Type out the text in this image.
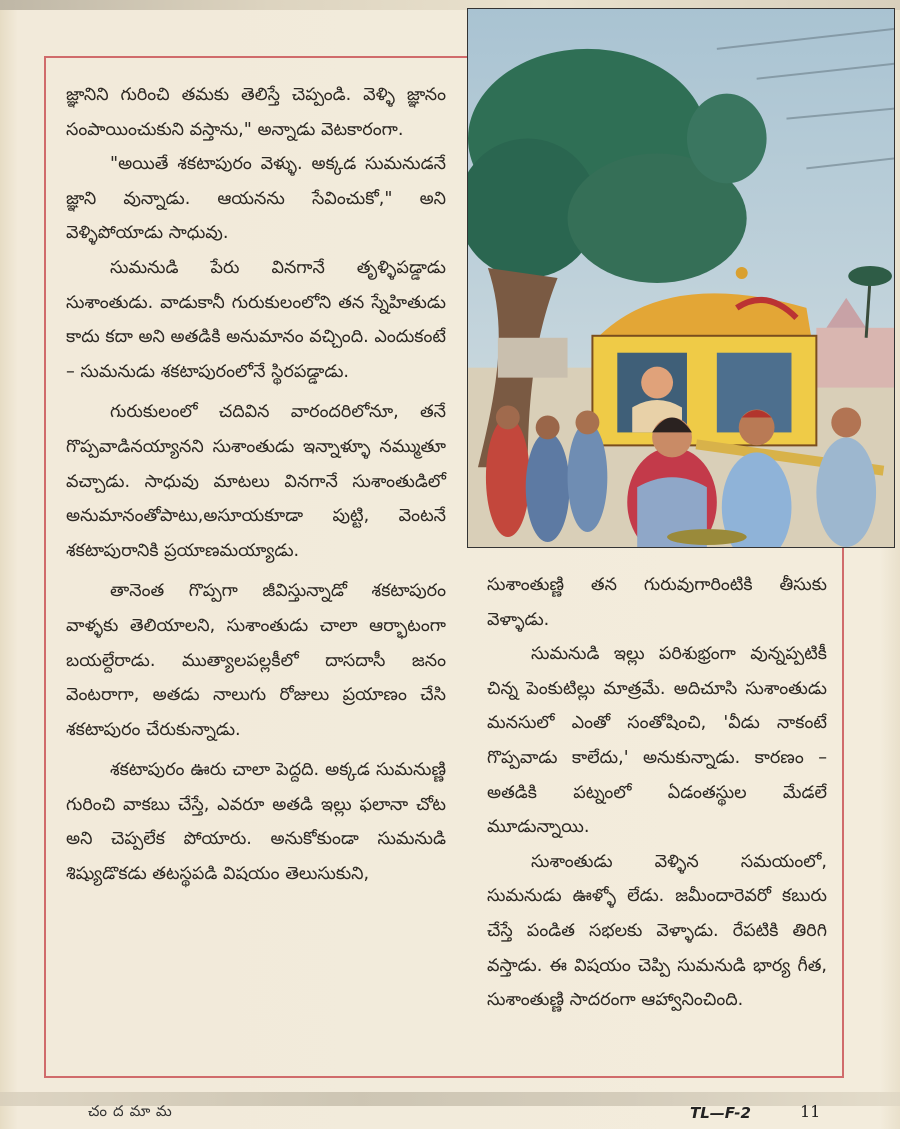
జ్ఞానిని గురించి తమకు తెలిస్తే చెప్పండి. వెళ్ళి జ్ఞానం సంపాయించుకుని వస్తాను," అన్నాడు వెటకారంగా.

"అయితే శకటాపురం వెళ్ళు. అక్కడ సుమనుడనే జ్ఞాని వున్నాడు. ఆయనను సేవించుకో," అని వెళ్ళిపోయాడు సాధువు.

సుమనుడి పేరు వినగానే తృళ్ళిపడ్డాడు సుశాంతుడు. వాడుకానీ గురుకులంలోని తన స్నేహితుడు కాదు కదా అని అతడికి అనుమానం వచ్చింది. ఎందుకంటే – సుమనుడు శకటాపురంలోనే స్థిరపడ్డాడు.

గురుకులంలో చదివిన వారందరిలోనూ, తనే గొప్పవాడినయ్యానని సుశాంతుడు ఇన్నాళ్ళూ నమ్ముతూ వచ్చాడు. సాధువు మాటలు వినగానే సుశాంతుడిలో అనుమానంతోపాటు,అసూయకూడా పుట్టి, వెంటనే శకటాపురానికి ప్రయాణమయ్యాడు.

తానెంత గొప్పగా జీవిస్తున్నాడో శకటాపురం వాళ్ళకు తెలియాలని, సుశాంతుడు చాలా ఆర్భాటంగా బయల్దేరాడు. ముత్యాలపల్లకీలో దాసదాసీ జనం వెంటరాగా, అతడు నాలుగు రోజులు ప్రయాణం చేసి శకటాపురం చేరుకున్నాడు.

శకటాపురం ఊరు చాలా పెద్దది. అక్కడ సుమనుణ్ణి గురించి వాకబు చేస్తే, ఎవరూ అతడి ఇల్లు ఫలానా చోట అని చెప్పలేక పోయారు. అనుకోకుండా సుమనుడి శిష్యుడొకడు తటస్థపడి విషయం తెలుసుకుని,

సుశాంతుణ్ణి తన గురువుగారింటికి తీసుకు వెళ్ళాడు.

సుమనుడి ఇల్లు పరిశుభ్రంగా వున్నప్పటికీ చిన్న పెంకుటిల్లు మాత్రమే. అదిచూసి సుశాంతుడు మనసులో ఎంతో సంతోషించి, 'వీడు నాకంటే గొప్పవాడు కాలేదు,' అనుకున్నాడు. కారణం – అతడికి పట్నంలో ఏడంతస్థుల మేడలే మూడున్నాయి.

సుశాంతుడు వెళ్ళిన సమయంలో, సుమనుడు ఊళ్ళో లేడు. జమీందారెవరో కబురు చేస్తే పండిత సభలకు వెళ్ళాడు. రేపటికి తిరిగి వస్తాడు. ఈ విషయం చెప్పి సుమనుడి భార్య గీత, సుశాంతుణ్ణి సాదరంగా ఆహ్వానించింది.

చందమామ	TL—F-2	11
